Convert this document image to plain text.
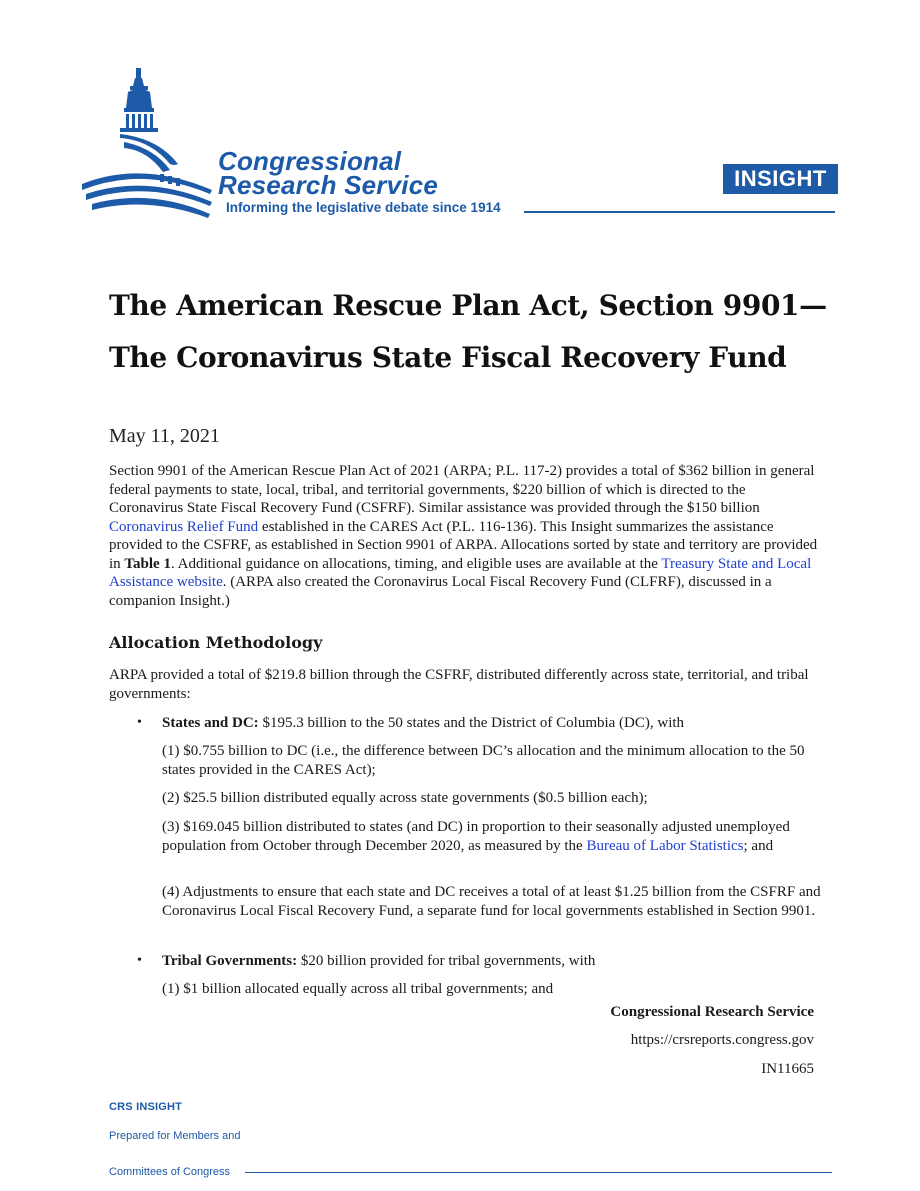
Congressional
Research Service
Informing the legislative debate since 1914
INSIGHT
The American Rescue Plan Act, Section 9901— The Coronavirus State Fiscal Recovery Fund
May 11, 2021

Section 9901 of the American Rescue Plan Act of 2021 (ARPA; P.L. 117-2) provides a total of $362 billion in general federal payments to state, local, tribal, and territorial governments, $220 billion of which is directed to the Coronavirus State Fiscal Recovery Fund (CSFRF). Similar assistance was provided through the $150 billion Coronavirus Relief Fund established in the CARES Act (P.L. 116-136). This Insight summarizes the assistance provided to the CSFRF, as established in Section 9901 of ARPA. Allocations sorted by state and territory are provided in Table 1. Additional guidance on allocations, timing, and eligible uses are available at the Treasury State and Local Assistance website. (ARPA also created the Coronavirus Local Fiscal Recovery Fund (CLFRF), discussed in a companion Insight.)

Allocation Methodology

ARPA provided a total of $219.8 billion through the CSFRF, distributed differently across state, territorial, and tribal governments:

• States and DC: $195.3 billion to the 50 states and the District of Columbia (DC), with

(1) $0.755 billion to DC (i.e., the difference between DC’s allocation and the minimum allocation to the 50 states provided in the CARES Act);

(2) $25.5 billion distributed equally across state governments ($0.5 billion each);

(3) $169.045 billion distributed to states (and DC) in proportion to their seasonally adjusted unemployed population from October through December 2020, as measured by the Bureau of Labor Statistics; and

(4) Adjustments to ensure that each state and DC receives a total of at least $1.25 billion from the CSFRF and Coronavirus Local Fiscal Recovery Fund, a separate fund for local governments established in Section 9901.

• Tribal Governments: $20 billion provided for tribal governments, with

(1) $1 billion allocated equally across all tribal governments; and

Congressional Research Service
https://crsreports.congress.gov
IN11665
CRS INSIGHT
Prepared for Members and
Committees of Congress
